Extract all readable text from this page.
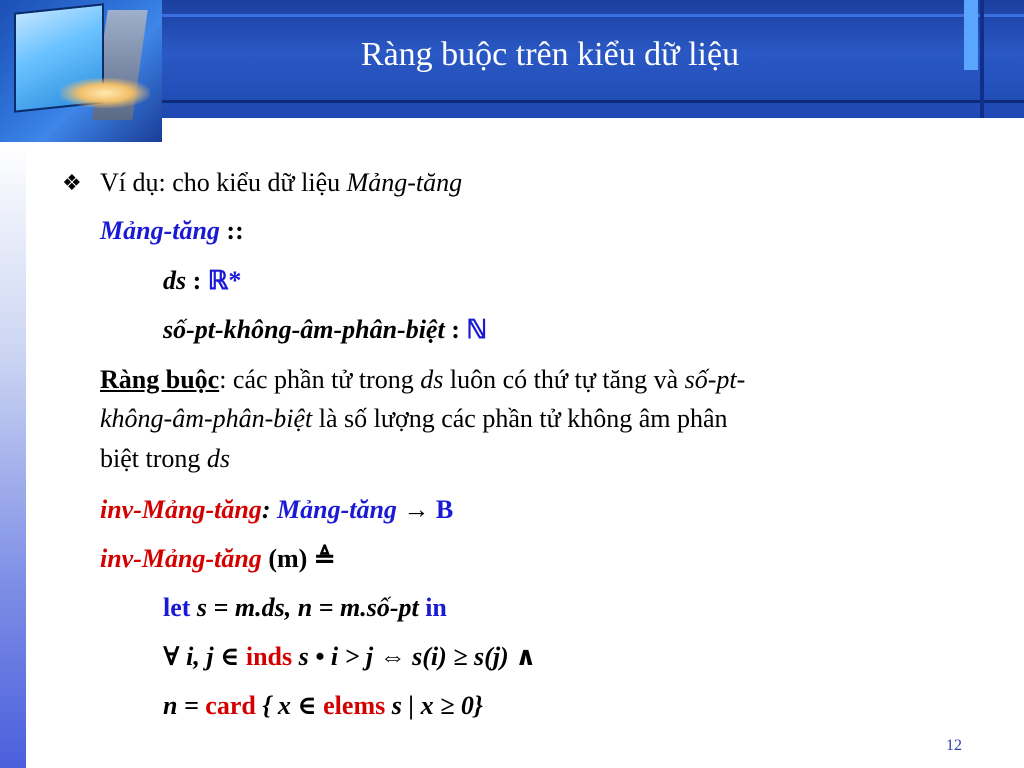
Ràng buộc trên kiểu dữ liệu
❖ Ví dụ: cho kiểu dữ liệu Mảng-tăng
Mảng-tăng ::
ds : ℝ*
số-pt-không-âm-phân-biệt : ℕ
Ràng buộc: các phần tử trong ds luôn có thứ tự tăng và số-pt-
không-âm-phân-biệt là số lượng các phần tử không âm phân
biệt trong ds
inv-Mảng-tăng: Mảng-tăng → B
inv-Mảng-tăng (m) ≜
let s = m.ds, n = m.số-pt in
∀ i, j ∈ inds s • i > j ⇔ s(i) ≥ s(j) ∧
n = card { x ∈ elems s | x ≥ 0}
12
